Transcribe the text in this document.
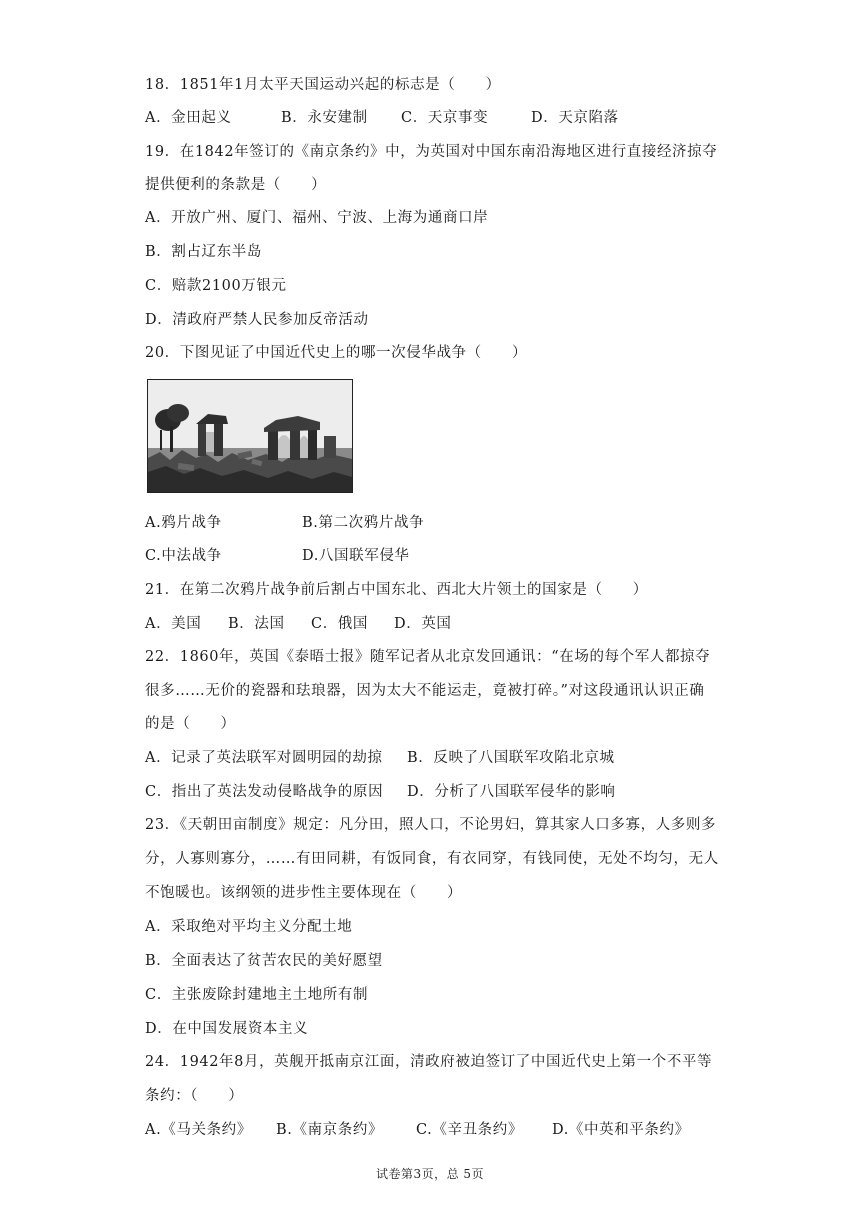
18．1851年1月太平天国运动兴起的标志是（　　）
A．金田起义	B．永安建制 C．天京事变	D．天京陷落
19．在1842年签订的《南京条约》中，为英国对中国东南沿海地区进行直接经济掠夺
提供便利的条款是（　　）
A．开放广州、厦门、福州、宁波、上海为通商口岸
B．割占辽东半岛
C．赔款2100万银元
D．清政府严禁人民参加反帝活动
20．下图见证了中国近代史上的哪一次侵华战争（　　）
A.鸦片战争	B.第二次鸦片战争
C.中法战争	D.八国联军侵华
21．在第二次鸦片战争前后割占中国东北、西北大片领土的国家是（　　）
A．美国 B．法国 C．俄国 D．英国
22．1860年，英国《泰晤士报》随军记者从北京发回通讯：“在场的每个军人都掠夺
很多……无价的瓷器和珐琅器，因为太大不能运走，竟被打碎。”对这段通讯认识正确
的是（　　）
A．记录了英法联军对圆明园的劫掠 B．反映了八国联军攻陷北京城
C．指出了英法发动侵略战争的原因 D．分析了八国联军侵华的影响
23．《天朝田亩制度》规定：凡分田，照人口，不论男妇，算其家人口多寡，人多则多
分，人寡则寡分，……有田同耕，有饭同食，有衣同穿，有钱同使，无处不均匀，无人
不饱暖也。该纲领的进步性主要体现在（　　）
A．采取绝对平均主义分配土地
B．全面表达了贫苦农民的美好愿望
C．主张废除封建地主土地所有制
D．在中国发展资本主义
24．1942年8月，英舰开抵南京江面，清政府被迫签订了中国近代史上第一个不平等
条约：（　　）
A.《马关条约》 B.《南京条约》 C.《辛丑条约》 D.《中英和平条约》
试卷第3页，总 5页
